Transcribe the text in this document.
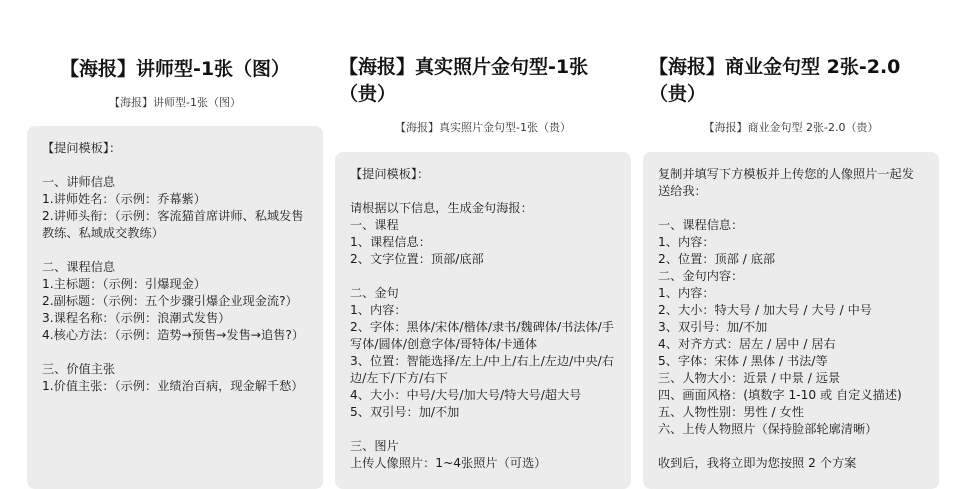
【海报】讲师型-1张（图）
【海报】讲师型-1张（图）
【提问模板】：
一、讲师信息
1.讲师姓名：（示例：乔幕紫）
2.讲师头衔：（示例：客流猫首席讲师、私域发售教练、私域成交教练）
二、课程信息
1.主标题：（示例：引爆现金）
2.副标题：（示例：五个步骤引爆企业现金流?）
3.课程名称：（示例：浪潮式发售）
4.核心方法：（示例：造势→预售→发售→追售?）
三、价值主张
1.价值主张：（示例：业绩治百病，现金解千愁）
【海报】真实照片金句型-1张（贵）
【海报】真实照片金句型-1张（贵）
【提问模板】：
请根据以下信息，生成金句海报：
一、课程
1、课程信息：
2、文字位置：顶部/底部
二、金句
1、内容：
2、字体：黑体/宋体/楷体/隶书/魏碑体/书法体/手写体/圆体/创意字体/哥特体/卡通体
3、位置：智能选择/左上/中上/右上/左边/中央/右边/左下/下方/右下
4、大小：中号/大号/加大号/特大号/超大号
5、双引号：加/不加
三、图片
上传人像照片：1~4张照片（可选）
【海报】商业金句型 2张-2.0（贵）
【海报】商业金句型 2张-2.0（贵）
复制并填写下方模板并上传您的人像照片一起发送给我：
一、课程信息：
1、内容：
2、位置：顶部 / 底部
二、金句内容：
1、内容：
2、大小：特大号 / 加大号 / 大号 / 中号
3、双引号：加/不加
4、对齐方式：居左 / 居中 / 居右
5、字体：宋体 / 黑体 / 书法/等
三、人物大小：近景 / 中景 / 远景
四、画面风格：(填数字 1-10 或 自定义描述)
五、人物性别：男性 / 女性
六、上传人物照片（保持脸部轮廓清晰）
收到后，我将立即为您按照 2 个方案
